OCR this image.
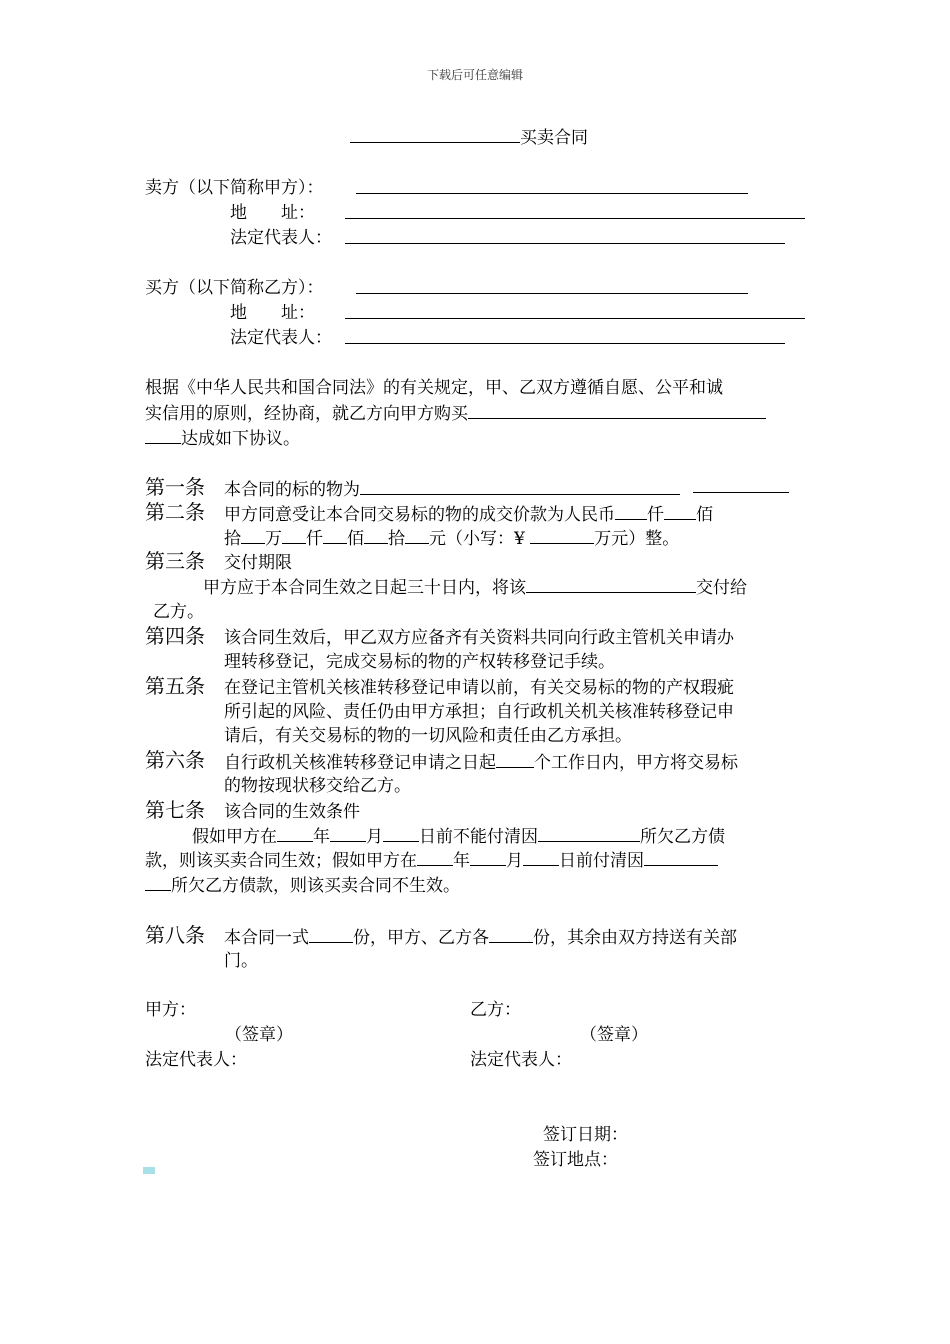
下载后可任意编辑
买卖合同
卖方（以下简称甲方）：
地　　址：
法定代表人：
买方（以下简称乙方）：
地　　址：
法定代表人：
根据《中华人民共和国合同法》的有关规定，甲、乙双方遵循自愿、公平和诚
实信用的原则，经协商，就乙方向甲方购买
达成如下协议。
第一条 本合同的标的物为
第二条 甲方同意受让本合同交易标的物的成交价款为人民币 仟 佰
拾 万 仟 佰 拾 元（小写：¥	万元）整。
第三条 交付期限
甲方应于本合同生效之日起三十日内，将该	交付给
乙方。
第四条 该合同生效后，甲乙双方应备齐有关资料共同向行政主管机关申请办
理转移登记，完成交易标的物的产权转移登记手续。
第五条 在登记主管机关核准转移登记申请以前，有关交易标的物的产权瑕疵
所引起的风险、责任仍由甲方承担；自行政机关机关核准转移登记申
请后，有关交易标的物的一切风险和责任由乙方承担。
第六条 自行政机关核准转移登记申请之日起 个工作日内，甲方将交易标
的物按现状移交给乙方。
第七条 该合同的生效条件
假如甲方在 年 月 日前不能付清因	所欠乙方债
款，则该买卖合同生效；假如甲方在 年 月 日前付清因
所欠乙方债款，则该买卖合同不生效。
第八条 本合同一式	份，甲方、乙方各	份，其余由双方持送有关部
门。
甲方：	乙方：
（签章）	（签章）
法定代表人：	法定代表人：
签订日期：
签订地点：
